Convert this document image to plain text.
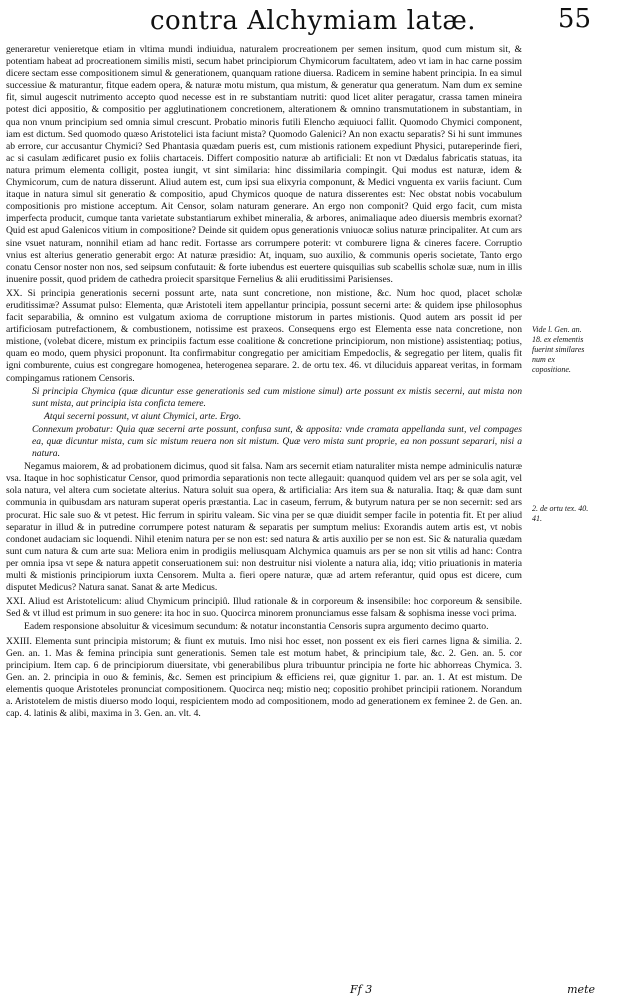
contra Alchymiam latæ.	55

generaretur venieretque etiam in vltima mundi indiuidua, naturalem procreationem per semen insitum, quod cum mistum sit, & potentiam habeat ad procreationem similis misti, secum habet principiorum Chymicorum facultatem, adeo vt iam in hac carne possim dicere sectam esse compositionem simul & generationem, quanquam ratione diuersa. Radicem in semine habent principia. In ea simul successiue & maturantur, fitque eadem opera, & naturæ motu mistum, qua mistum, & generatur qua generatum. Nam dum ex semine fit, simul augescit nutrimento accepto quod necesse est in re substantiam nutriti: quod licet aliter peragatur, crassa tamen mineira potest dici appositio, & compositio per agglutinationem concretionem, alterationem & omnino transmutationem in substantiam, in qua non vnum principium sed omnia simul crescunt. Probatio minoris futili Elencho æquiuoci fallit. Quomodo Chymici component, iam est dictum. Sed quomodo quæso Aristotelici ista faciunt mista? Quomodo Galenici? An non exactu separatis? Si hi sunt immunes ab errore, cur accusantur Chymici? Sed Phantasia quædam pueris est, cum mistionis rationem expediunt Physici, putareperinde fieri, ac si casulam ædificaret pusio ex foliis chartaceis. Differt compositio naturæ ab artificiali: Et non vt Dædalus fabricatis statuas, ita natura primum elementa colligit, postea iungit, vt sint similaria: hinc dissimilaria compingit. Qui modus est naturæ, idem & Chymicorum, cum de natura disserunt. Aliud autem est, cum ipsi sua elixyria componunt, & Medici vnguenta ex variis faciunt. Cum itaque in natura simul sit generatio & compositio, apud Chymicos quoque de natura disserentes est: Nec obstat nobis vocabulum compositionis pro mistione acceptum. Ait Censor, solam naturam generare. An ergo non componit? Quid ergo facit, cum mista imperfecta producit, cumque tanta varietate substantiarum exhibet mineralia, & arbores, animaliaque adeo diuersis membris exornat? Quid est apud Galenicos vitium in compositione? Deinde sit quidem opus generationis vniuocæ solius naturæ principaliter. At cum ars sine vsuet naturam, nonnihil etiam ad hanc redit. Fortasse ars corrumpere poterit: vt comburere ligna & cineres facere. Corruptio vnius est alterius generatio generabit ergo: At naturæ præsidio: At, inquam, suo auxilio, & communis operis societate, Tanto ergo conatu Censor noster non nos, sed seipsum confutauit: & forte iubendus est euertere quisquilias sub scabellis scholæ suæ, num in illis inuenire possit, quod pridem de cathedra proiecit sparsitque Fernelius & alii eruditissimi Parisienses.

XX. Si principia generationis secerni possunt arte, nata sunt concretione, non mistione, &c. Num hoc quod, placet scholæ eruditissimæ? Assumat pulso: Elementa, quæ Aristoteli item appellantur principia, possunt secerni arte: & quidem ipse philosophus facit separabilia, & omnino est vulgatum axioma de corruptione mistorum in partes mistionis. Quod autem ars possit id per artificiosam putrefactionem, & combustionem, notissime est praxeos. Consequens ergo est Elementa esse nata concretione, non mistione, (volebat dicere, mistum ex principiis factum esse coalitione & concretione principiorum, non mistione) assistentiaq; potius, quam eo modo, quem physici proponunt. Ita confirmabitur congregatio per amicitiam Empedoclis, & segregatio per litem, qualis fit igni comburente, cuius est congregare homogenea, heterogenea separare. 2. de ortu tex. 46. vt diluciduis appareat veritas, in formam compingamus rationem Censoris.

Si principia Chymica (quæ dicuntur esse generationis sed cum mistione simul) arte possunt ex mistis secerni, aut mista non sunt mista, aut principia ista conficta temere.

Atqui secerni possunt, vt aiunt Chymici, arte. Ergo.

Connexum probatur: Quia quæ secerni arte possunt, confusa sunt, & apposita: vnde cramata appellanda sunt, vel compages ea, quæ dicuntur mista, cum sic mistum reuera non sit mistum. Quæ vero mista sunt proprie, ea non possunt separari, nisi a natura.

Negamus maiorem, & ad probationem dicimus, quod sit falsa. Nam ars secernit etiam naturaliter mista nempe adminiculis naturæ vsa. Itaque in hoc sophisticatur Censor, quod primordia separationis non tecte allegauit: quanquod quidem vel ars per se sola agit, vel sola natura, vel altera cum societate alterius. Natura soluit sua opera, & artificialia: Ars item sua & naturalia. Itaq; & quæ dam sunt communia in quibusdam ars naturam superat operis præstantia. Lac in caseum, ferrum, & butyrum natura per se non secernit: sed ars procurat. Hic sale suo & vt petest. Hic ferrum in spiritu valeam. Sic vina per se quæ diuidit semper facile in potentia fit. Et per aliud separatur in illud & in putredine corrumpere potest naturam & separatis per sumptum melius: Exorandis autem artis est, vt nobis condonet audaciam sic loquendi. Nihil etenim natura per se non est: sed natura & artis auxilio per se non est. Sic & naturalia quædam sunt cum natura & cum arte sua: Meliora enim in prodigiis meliusquam Alchymica quamuis ars per se non sit vtilis ad hanc: Contra per omnia ipsa vt sepe & natura appetit conseruationem sui: non destruitur nisi violente a natura alia, idq; vitio priuationis in materia multi & mistionis principiorum iuxta Censorem. Multa a. fieri opere naturæ, quæ ad artem referantur, quid opus est dicere, cum disputet Medicus? Natura sanat. Sanat & arte Medicus.

XXI. Aliud est Aristotelicum: aliud Chymicum principiû. Illud rationale & in corporeum & insensibile: hoc corporeum & sensibile. Sed & vt illud est primum in suo genere: ita hoc in suo. Quocirca minorem pronunciamus esse falsam & sophisma inesse voci prima.

Eadem responsione absoluitur & vicesimum secundum: & notatur inconstantia Censoris supra argumento decimo quarto.

XXIII. Elementa sunt principia mistorum; & fiunt ex mutuis. Imo nisi hoc esset, non possent ex eis fieri carnes ligna & similia. 2. Gen. an. 1. Mas & femina principia sunt generationis. Semen tale est motum habet, & principium tale, &c. 2. Gen. an. 5. cor principium. Item cap. 6 de principiorum diuersitate, vbi generabilibus plura tribuuntur principia ne forte hic abhorreas Chymica. 3. Gen. an. 2. principia in ouo & feminis, &c. Semen est principium & efficiens rei, quæ gignitur 1. par. an. 1. At est mistum. De elementis quoque Aristoteles pronunciat compositionem. Quocirca neq; mistio neq; copositio prohibet principii rationem. Norandum a. Aristotelem de mistis diuerso modo loqui, respicientem modo ad compositionem, modo ad generationem ex feminee 2. de Gen. an. cap. 4. latinis & alibi, maxima in 3. Gen. an. vlt. 4.

Vide l. Gen. an. 18. ex elementis fuerint similares num ex copositione.
2. de ortu tex. 40. 41.
Ff 3	mete
